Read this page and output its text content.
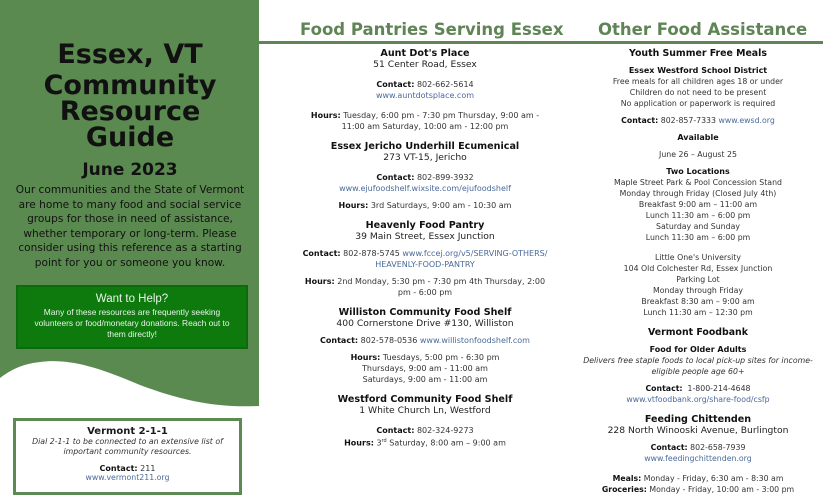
Essex, VT
Community
Resource
Guide
June 2023
Our communities and the State of Vermont are home to many food and social service groups for those in need of assistance, whether temporary or long-term. Please consider using this reference as a starting point for you or someone you know.
Want to Help?
Many of these resources are frequently seeking volunteers or food/monetary donations. Reach out to them directly!
Vermont 2-1-1
Dial 2-1-1 to be connected to an extensive list of important community resources.
Contact: 211
www.vermont211.org
Food Pantries Serving Essex Other Food Assistance

Aunt Dot's Place

51 Center Road, Essex

Contact: 802-662-5614

www.auntdotsplace.com

Hours: Tuesday, 6:00 pm - 7:30 pm Thursday, 9:00 am - 11:00 am Saturday, 10:00 am - 12:00 pm

Essex Jericho Underhill Ecumenical

273 VT-15, Jericho

Contact: 802-899-3932

www.ejufoodshelf.wixsite.com/ejufoodshelf

Hours: 3rd Saturdays, 9:00 am - 10:30 am

Heavenly Food Pantry

39 Main Street, Essex Junction

Contact: 802-878-5745 www.fccej.org/v5/SERVING-OTHERS/ HEAVENLY-FOOD-PANTRY

Hours: 2nd Monday, 5:30 pm - 7:30 pm 4th Thursday, 2:00 pm - 6:00 pm

Williston Community Food Shelf

400 Cornerstone Drive #130, Williston

Contact: 802-578-0536 www.willistonfoodshelf.com

Hours: Tuesdays, 5:00 pm - 6:30 pm

Thursdays, 9:00 am - 11:00 am

Saturdays, 9:00 am - 11:00 am

Westford Community Food Shelf

1 White Church Ln, Westford

Contact: 802-324-9273

Hours: 3rd Saturday, 8:00 am – 9:00 am

Youth Summer Free Meals

Essex Westford School District

Free meals for all children ages 18 or under

Children do not need to be present

No application or paperwork is required

Contact: 802-857-7333 www.ewsd.org

Available

June 26 – August 25

Two Locations

Maple Street Park & Pool Concession Stand

Monday through Friday (Closed July 4th)

Breakfast 9:00 am – 11:00 am

Lunch 11:30 am – 6:00 pm

Saturday and Sunday

Lunch 11:30 am – 6:00 pm

Little One's University

104 Old Colchester Rd, Essex Junction

Parking Lot

Monday through Friday

Breakfast 8:30 am – 9:00 am

Lunch 11:30 am – 12:30 pm

Vermont Foodbank

Food for Older Adults

Delivers free staple foods to local pick-up sites for income-eligible people age 60+

Contact: 1-800-214-4648

www.vtfoodbank.org/share-food/csfp

Feeding Chittenden

228 North Winooski Avenue, Burlington

Contact: 802-658-7939

www.feedingchittenden.org

Meals: Monday - Friday, 6:30 am - 8:30 am

Groceries: Monday - Friday, 10:00 am - 3:00 pm
